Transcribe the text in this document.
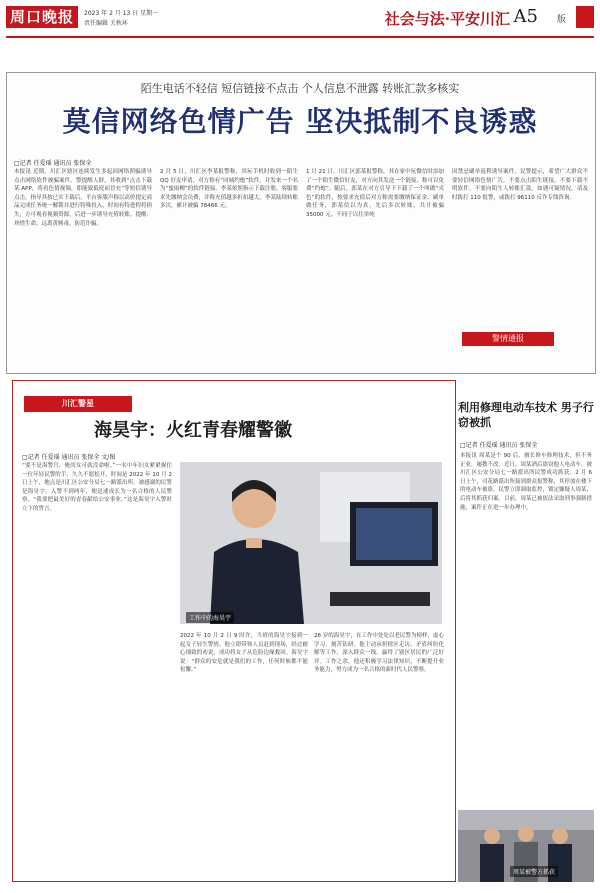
周口晚报	2023 年 2 月 13 日 星期一
责任编辑 关秋环	社会与法·平安川汇 A5 版
陌生电话不轻信 短信链接不点击 个人信息不泄露 转账汇款多核实
莫信网络色情广告 坚决抵制不良诱惑
□记者 任爱瑶 通讯员 张保全
本报讯 近期，川汇区辖区连续发生多起因网络照骗诱导点击网络软件被骗案件。警提醒人群，其收到“点击下载某 APP，将看色情视频，即能致低庭而冒充”等短信诱导点击，指导其按已实下载后，平台客服声称以高价提定商品完成任务统一解锁并进行特殊投入，时间有特进程将损失，方可观看视频资源，后进一步诱导充值转账。提醒：珍惜生命，远离黄赌毒，防范诈骗。
2 月 5 日，川汇区李某报警称，其玩手机时收到一陌生 QQ 好友申请，对方称有“同城约炮”软件，并发来一个名为“蜜雨柳”的软件链接。李某依照指示下载注册，客服要求先缴纳会员费，并称充值越多折扣越大。李某陆续转账多次，累计被骗 78466 元。
1 月 21 日，川汇区郭某报警称，其在家中玩微信时添加了一个陌生微信好友，对方向其发送一个链接，称可以免费“约炮”。随后，郭某在对方引导下下载了一个叫做“夹色”的软件，按要求充值后对方称需要缴纳保证金、刷单做任务，郭某信以为真，先后多次转账，共计被骗 35000 元。不同于以往单纯
因禁忌刷单返利诱导案件，民警提示，希望广大群众不要轻信网络色情广告，不要点击陌生链接，不要下载不明软件，不要向陌生人转账汇款。如遇可疑情况，请及时拨打 110 报警，或拨打 96110 反诈专线咨询。
警情通报
川汇警星
海昊宇：火红青春耀警徽
□记者 任爱瑶 通讯员 张保全 文/图
“要不是海警官，俺闺女可就没命啦。”一名中年妇女紧紧握住一位年轻民警的手，久久不愿松开。时间是 2022 年 10 月 2 日上午，地点是川汇区公安分局七一路派出所。被感谢的民警是海昊宇。入警不到两年，便迅速成长为一名合格的人民警察。“我要把最美好的青春献给公安事业。”这是海昊宇入警时立下的誓言。
工作中的海昊宇
2022 年 10 月 2 日 9 时许，当班的海昊宇接到一起女子轻生警情。他立即带领人员赶到现场，经过耐心细致的劝说，成功将女子从危险边缘救回。海昊宇说：“群众的安危就是我们的工作，任何时候都不能松懈。”
28 岁的海昊宇，在工作中处处以老民警为榜样，虚心学习、刻苦钻研。他主动承担辖区走访、矛盾纠纷化解等工作，深入群众一线，赢得了辖区居民的广泛好评。工作之余，他还积极学习法律知识，不断提升业务能力，努力成为一名合格的新时代人民警察。
利用修理电动车技术 男子行窃被抓
□记者 任爱瑶 通讯员 张保全
本报讯 周某是个 90 后，擅长修车修理技术，但不务正业，屡教不改。近日，周某酒后盗窃他人电动车，被川汇区公安分局七一路派出所民警成功抓获。2 月 6 日上午，司花路派出所接到群众报警称，其停放在楼下的电动车被盗。民警立即调取监控，锁定嫌疑人周某，后将其抓获归案。目前，周某已被依法采取刑事强制措施，案件正在进一步办理中。
周某被警方抓获
